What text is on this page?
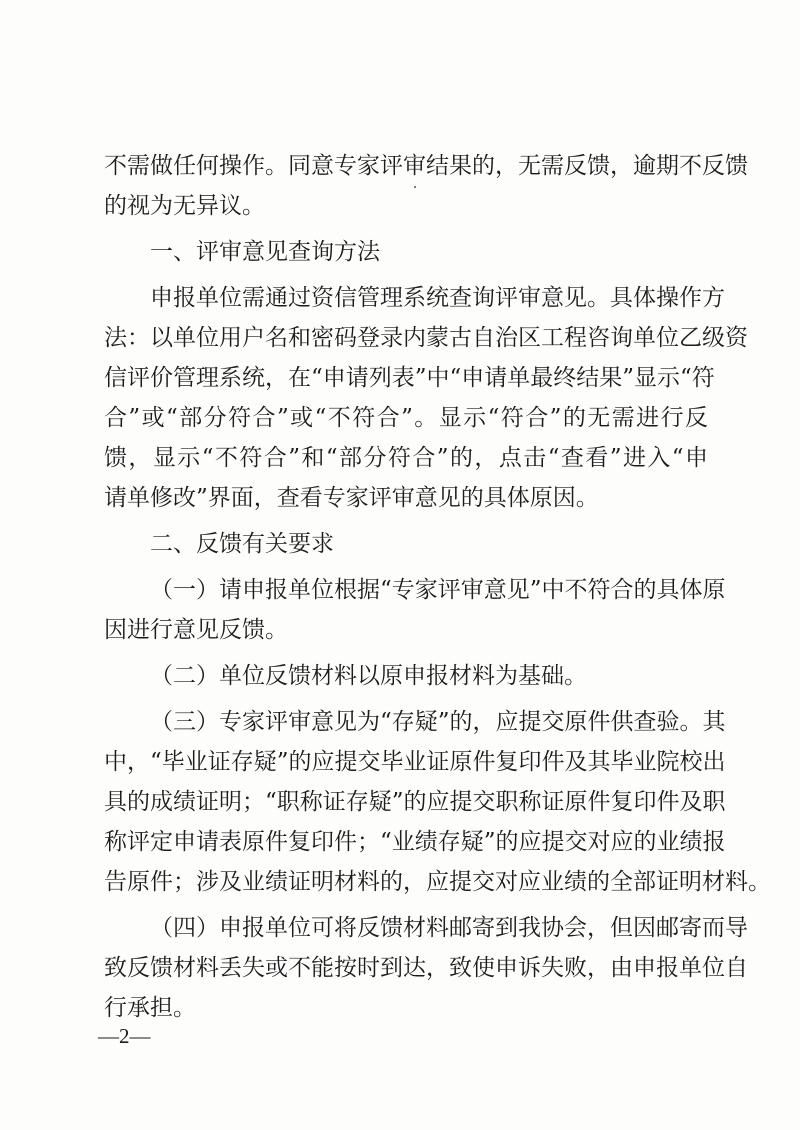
不需做任何操作。同意专家评审结果的，无需反馈，逾期不反馈
的视为无异议。
一、评审意见查询方法
申报单位需通过资信管理系统查询评审意见。具体操作方
法：以单位用户名和密码登录内蒙古自治区工程咨询单位乙级资
信评价管理系统，在“申请列表”中“申请单最终结果”显示“符
合”或“部分符合”或“不符合”。显示“符合”的无需进行反
馈，显示“不符合”和“部分符合”的，点击“查看”进入“申
请单修改”界面，查看专家评审意见的具体原因。
二、反馈有关要求
（一）请申报单位根据“专家评审意见”中不符合的具体原
因进行意见反馈。
（二）单位反馈材料以原申报材料为基础。
（三）专家评审意见为“存疑”的，应提交原件供查验。其
中，“毕业证存疑”的应提交毕业证原件复印件及其毕业院校出
具的成绩证明；“职称证存疑”的应提交职称证原件复印件及职
称评定申请表原件复印件；“业绩存疑”的应提交对应的业绩报
告原件；涉及业绩证明材料的，应提交对应业绩的全部证明材料。
（四）申报单位可将反馈材料邮寄到我协会，但因邮寄而导
致反馈材料丢失或不能按时到达，致使申诉失败，由申报单位自
行承担。
—2—
